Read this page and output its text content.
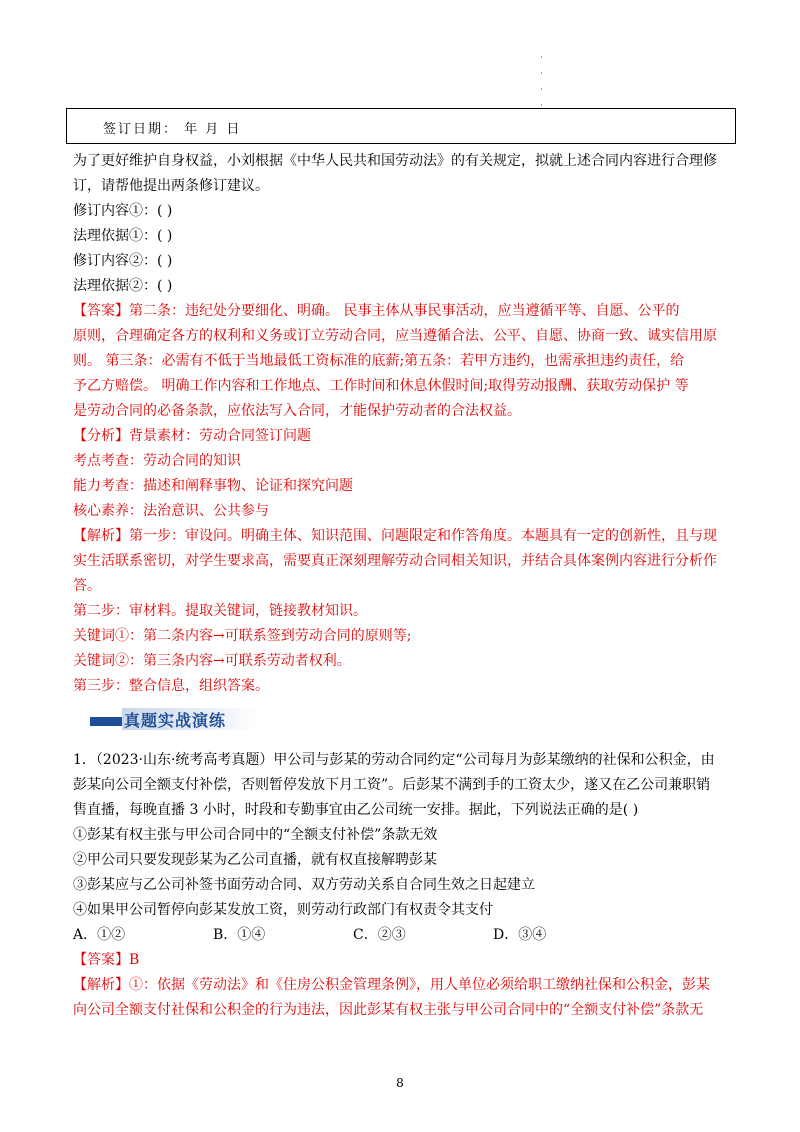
·
·
·
·
签订日期： 年 月 日
为了更好维护自身权益，小刘根据《中华人民共和国劳动法》的有关规定，拟就上述合同内容进行合理修
订，请帮他提出两条修订建议。
修订内容①：( )
法理依据①：( )
修订内容②：( )
法理依据②：( )
【答案】第二条：违纪处分要细化、明确。 民事主体从事民事活动，应当遵循平等、自愿、公平的
原则，合理确定各方的权利和义务或订立劳动合同，应当遵循合法、公平、自愿、协商一致、诚实信用原
则。 第三条：必需有不低于当地最低工资标准的底薪;第五条：若甲方违约，也需承担违约责任，给
予乙方赔偿。 明确工作内容和工作地点、工作时间和休息休假时间;取得劳动报酬、获取劳动保护 等
是劳动合同的必备条款，应依法写入合同，才能保护劳动者的合法权益。
【分析】背景素材：劳动合同签订问题
考点考查：劳动合同的知识
能力考查：描述和阐释事物、论证和探究问题
核心素养：法治意识、公共参与
【解析】第一步：审设问。明确主体、知识范围、问题限定和作答角度。本题具有一定的创新性，且与现
实生活联系密切，对学生要求高，需要真正深刻理解劳动合同相关知识，并结合具体案例内容进行分析作
答。
第二步：审材料。提取关键词，链接教材知识。
关键词①：第二条内容→可联系签到劳动合同的原则等;
关键词②：第三条内容→可联系劳动者权利。
第三步：整合信息，组织答案。
真题实战演练
1．（2023·山东·统考高考真题）甲公司与彭某的劳动合同约定“公司每月为彭某缴纳的社保和公积金，由
彭某向公司全额支付补偿，否则暂停发放下月工资”。后彭某不满到手的工资太少，遂又在乙公司兼职销
售直播，每晚直播 3 小时，时段和专勤事宜由乙公司统一安排。据此，下列说法正确的是( )
①彭某有权主张与甲公司合同中的“全额支付补偿”条款无效
②甲公司只要发现彭某为乙公司直播，就有权直接解聘彭某
③彭某应与乙公司补签书面劳动合同、双方劳动关系自合同生效之日起建立
④如果甲公司暂停向彭某发放工资，则劳动行政部门有权责令其支付
A．①②	B．①④	C．②③	D．③④
【答案】B
【解析】①：依据《劳动法》和《住房公积金管理条例》，用人单位必须给职工缴纳社保和公积金，彭某
向公司全额支付社保和公积金的行为违法，因此彭某有权主张与甲公司合同中的“全额支付补偿”条款无
8
